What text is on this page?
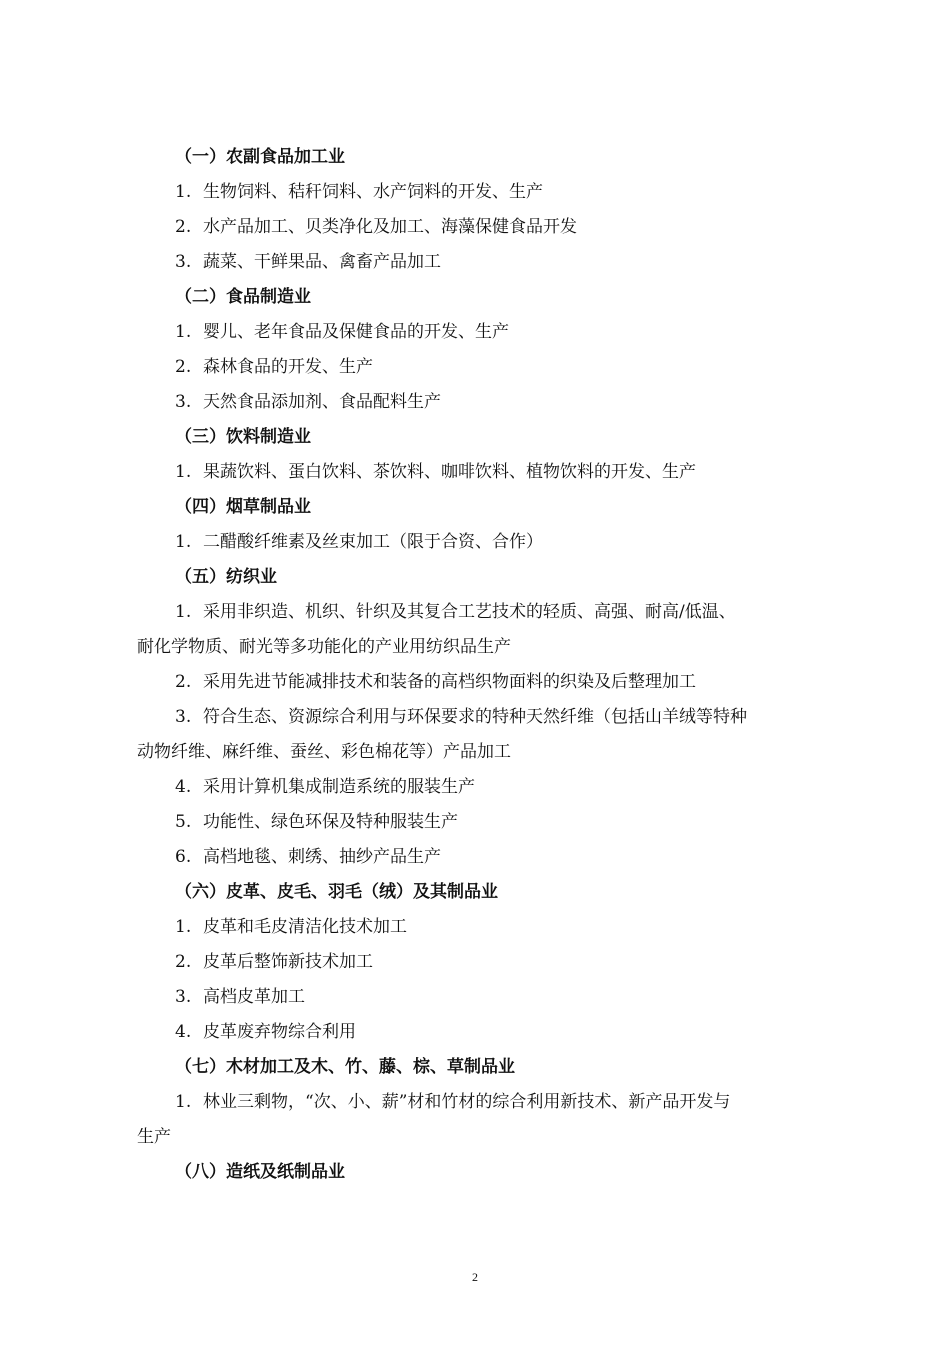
（一）农副食品加工业
1. 生物饲料、秸秆饲料、水产饲料的开发、生产
2. 水产品加工、贝类净化及加工、海藻保健食品开发
3. 蔬菜、干鲜果品、禽畜产品加工
（二）食品制造业
1. 婴儿、老年食品及保健食品的开发、生产
2. 森林食品的开发、生产
3. 天然食品添加剂、食品配料生产
（三）饮料制造业
1. 果蔬饮料、蛋白饮料、茶饮料、咖啡饮料、植物饮料的开发、生产
（四）烟草制品业
1. 二醋酸纤维素及丝束加工（限于合资、合作）
（五）纺织业
1. 采用非织造、机织、针织及其复合工艺技术的轻质、高强、耐高/低温、
耐化学物质、耐光等多功能化的产业用纺织品生产
2. 采用先进节能减排技术和装备的高档织物面料的织染及后整理加工
3. 符合生态、资源综合利用与环保要求的特种天然纤维（包括山羊绒等特种
动物纤维、麻纤维、蚕丝、彩色棉花等）产品加工
4. 采用计算机集成制造系统的服装生产
5. 功能性、绿色环保及特种服装生产
6. 高档地毯、刺绣、抽纱产品生产
（六）皮革、皮毛、羽毛（绒）及其制品业
1. 皮革和毛皮清洁化技术加工
2. 皮革后整饰新技术加工
3. 高档皮革加工
4. 皮革废弃物综合利用
（七）木材加工及木、竹、藤、棕、草制品业
1. 林业三剩物，“次、小、薪”材和竹材的综合利用新技术、新产品开发与
生产
（八）造纸及纸制品业
2
